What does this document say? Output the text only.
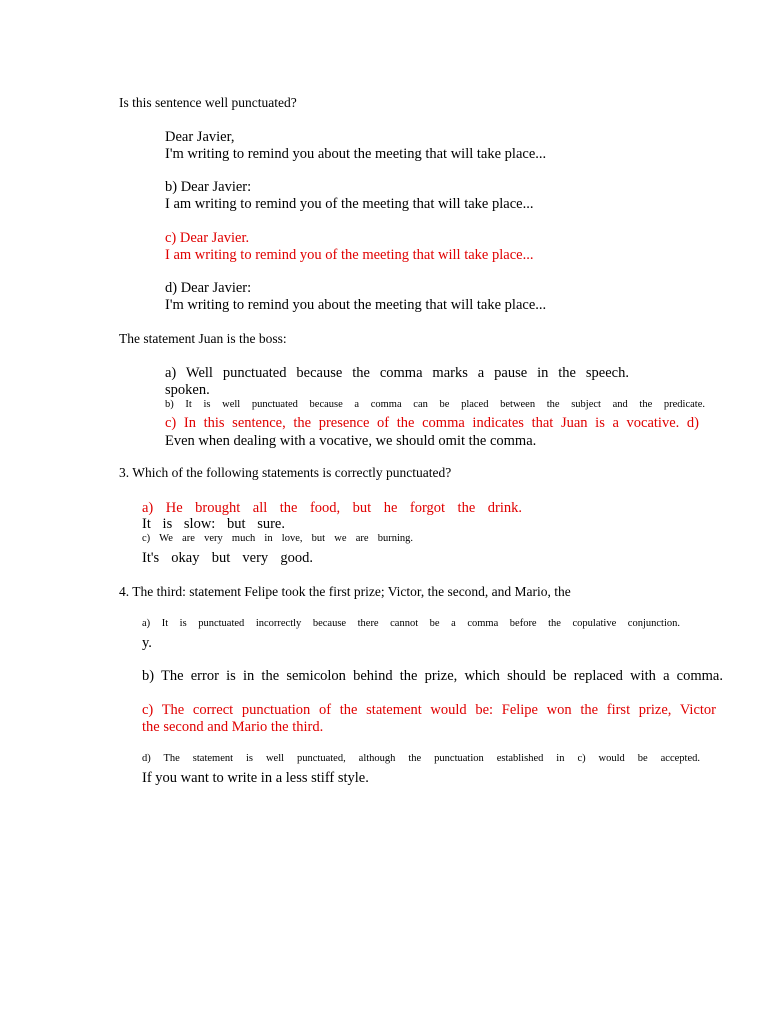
Is this sentence well punctuated?
Dear Javier,
I'm writing to remind you about the meeting that will take place...
b) Dear Javier:
I am writing to remind you of the meeting that will take place...
c) Dear Javier.
I am writing to remind you of the meeting that will take place...
d) Dear Javier:
I'm writing to remind you about the meeting that will take place...
The statement Juan is the boss:
a) Well punctuated because the comma marks a pause in the speech.
spoken.
b) It is well punctuated because a comma can be placed between the subject and the predicate.
c) In this sentence, the presence of the comma indicates that Juan is a vocative. d)
Even when dealing with a vocative, we should omit the comma.
3. Which of the following statements is correctly punctuated?
a) He brought all the food, but he forgot the drink.
It is slow: but sure.
c) We are very much in love, but we are burning.
It's okay but very good.
4. The third: statement Felipe took the first prize; Victor, the second, and Mario, the
a) It is punctuated incorrectly because there cannot be a comma before the copulative conjunction.
y.
b) The error is in the semicolon behind the prize, which should be replaced with a comma.
c) The correct punctuation of the statement would be: Felipe won the first prize, Victor
the second and Mario the third.
d) The statement is well punctuated, although the punctuation established in c) would be accepted.
If you want to write in a less stiff style.
